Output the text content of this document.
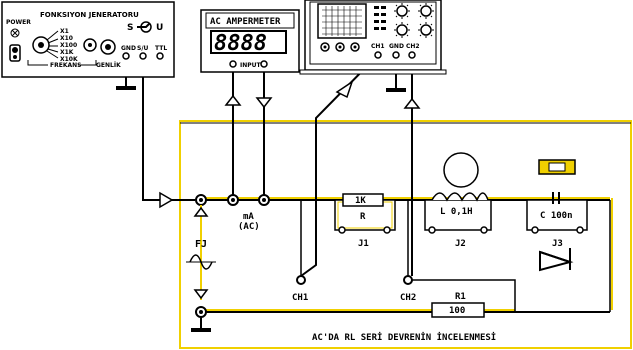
mA
(AC)
FJ
1K
R
J1
L 0,1H
J2
C 100n
J3
CH1	CH2	R1
100
AC'DA RL SERİ DEVRENİN İNCELENMESİ
FONKSIYON JENERATORU
POWER
X1
X10
X100
X1K
X10K
FREKANS GENLİK
S	U
GND S/U TTL
AC AMPERMETER
8888
INPUT
CH1 GND CH2
